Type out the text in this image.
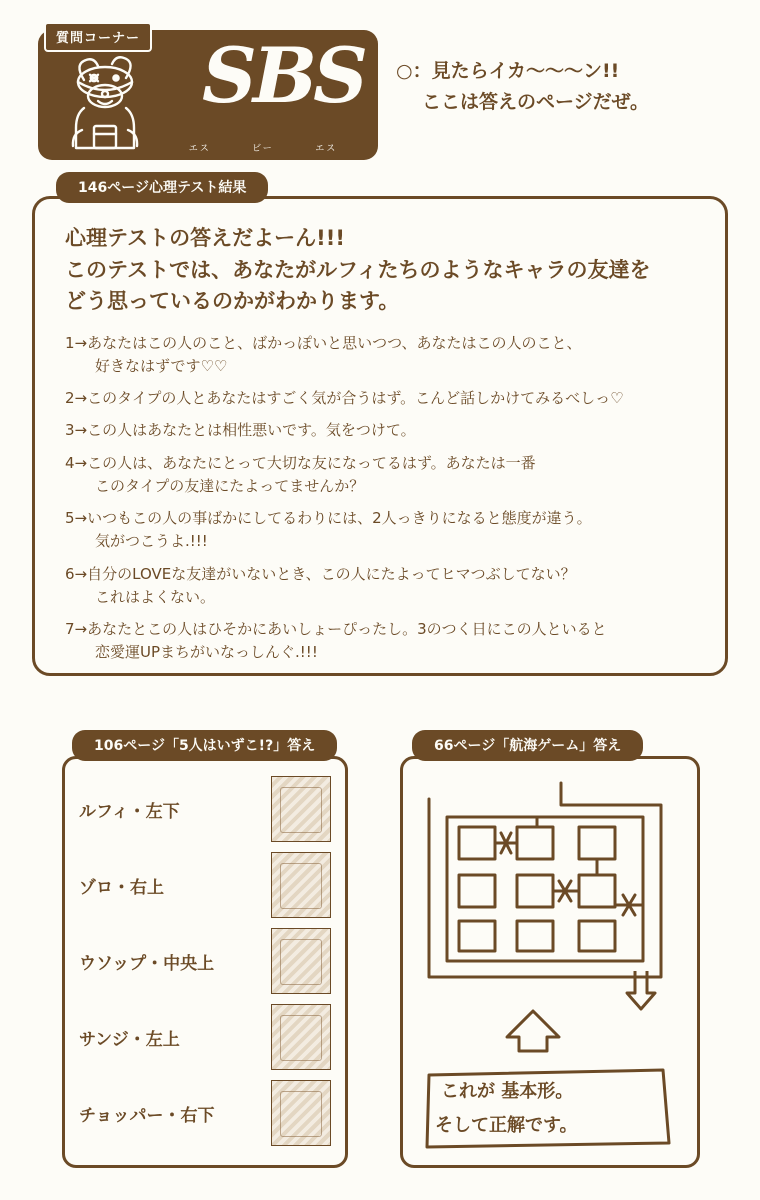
質問コーナー SBS
エス	ビー	エス
○：見たらイカ〜〜〜ン!!
ここは答えのページだぜ。
146ページ心理テスト結果
心理テストの答えだよーん!!!
このテストでは、あなたがルフィたちのようなキャラの友達を
どう思っているのかがわかります。
1→あなたはこの人のこと、ばかっぽいと思いつつ、あなたはこの人のこと、
好きなはずです♡♡
2→このタイプの人とあなたはすごく気が合うはず。こんど話しかけてみるべしっ♡
3→この人はあなたとは相性悪いです。気をつけて。
4→この人は、あなたにとって大切な友になってるはず。あなたは一番
このタイプの友達にたよってませんか？
5→いつもこの人の事ばかにしてるわりには、2人っきりになると態度が違う。
気がつこうよ.!!!
6→自分のLOVEな友達がいないとき、この人にたよってヒマつぶしてない？
これはよくない。
7→あなたとこの人はひそかにあいしょーぴったし。3のつく日にこの人といると
恋愛運UPまちがいなっしんぐ.!!!
106ページ「5人はいずこ!?」答え
ルフィ・左下
ゾロ・右上
ウソップ・中央上
サンジ・左上
チョッパー・右下
66ページ「航海ゲーム」答え
これが 基本形。
そして正解です。
